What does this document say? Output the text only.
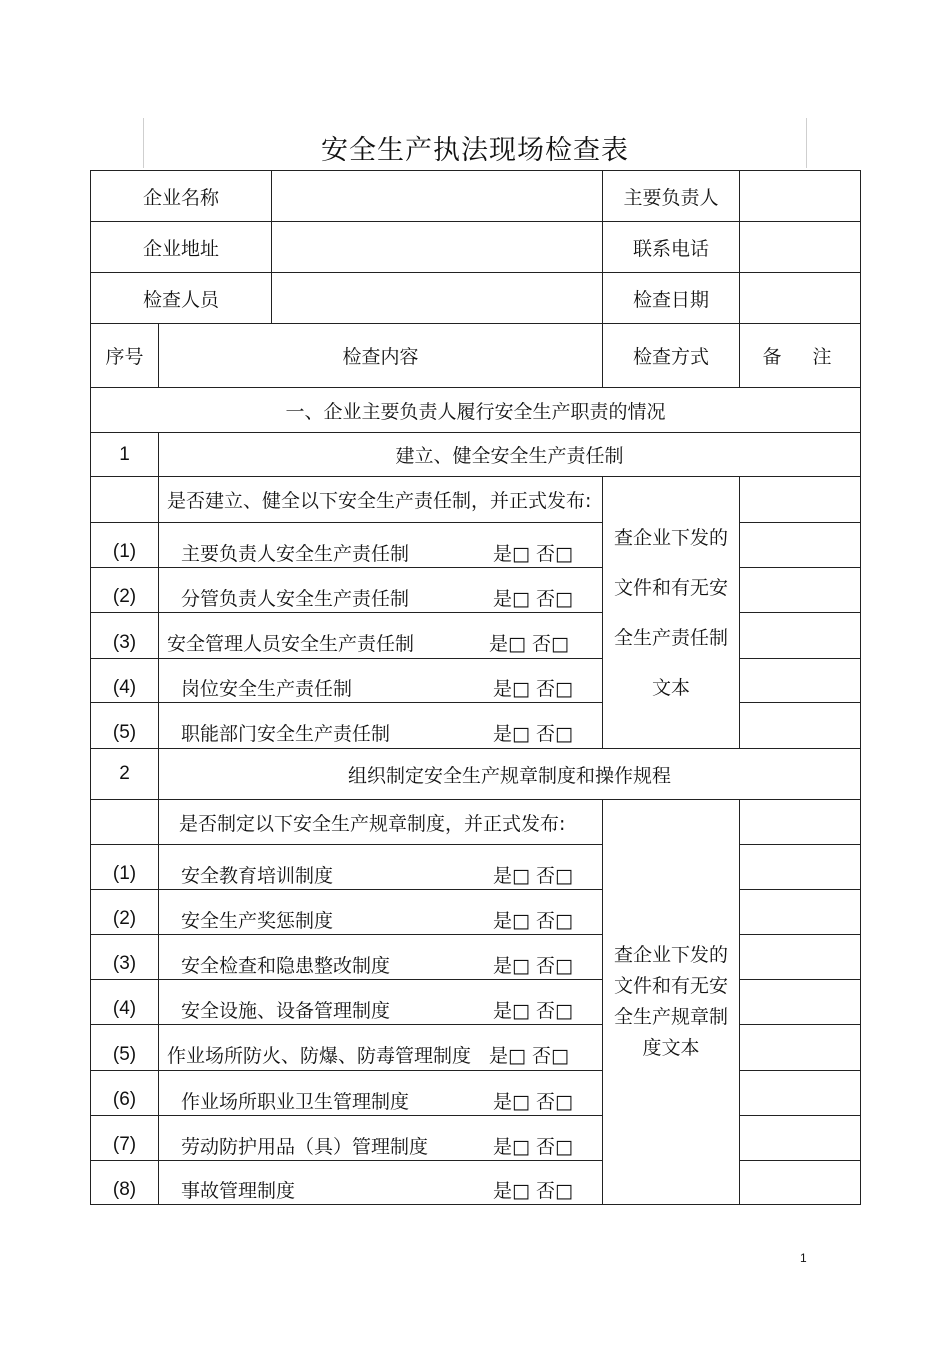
安全生产执法现场检查表
企业名称			主要负责人	
企业地址			联系电话	
检查人员			检查日期	
序号	检查内容		检查方式	备　注
一、企业主要负责人履行安全生产职责的情况				
1	建立、健全安全生产责任制			
	是否建立、健全以下安全生产责任制，并正式发布:		查企业下发的文件和有无安全生产责任制文本	
(1)	主要负责人安全生产责任制 是□ 否□			
(2)	分管负责人安全生产责任制 是□ 否□			
(3)	安全管理人员安全生产责任制 是□ 否□			
(4)	岗位安全生产责任制 是□ 否□			
(5)	职能部门安全生产责任制 是□ 否□			
2	组织制定安全生产规章制度和操作规程			
	是否制定以下安全生产规章制度，并正式发布:		查企业下发的文件和有无安全生产规章制度文本	
(1)	安全教育培训制度 是□ 否□			
(2)	安全生产奖惩制度 是□ 否□			
(3)	安全检查和隐患整改制度 是□ 否□			
(4)	安全设施、设备管理制度 是□ 否□			
(5)	作业场所防火、防爆、防毒管理制度 是□ 否□			
(6)	作业场所职业卫生管理制度 是□ 否□			
(7)	劳动防护用品（具）管理制度 是□ 否□			
(8)	事故管理制度 是□ 否□			
1
